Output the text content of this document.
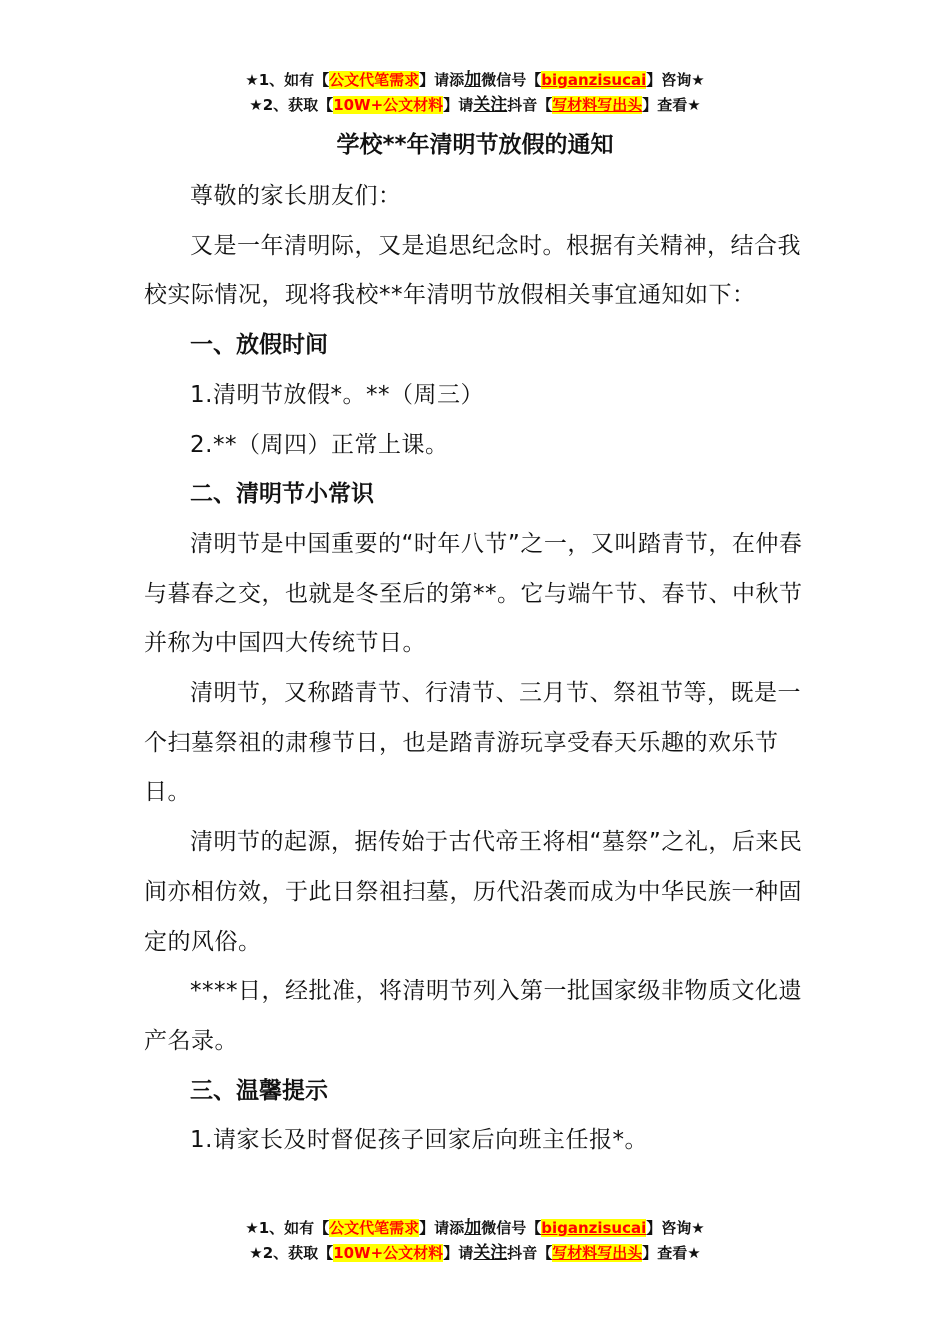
★1、如有【公文代笔需求】请添加微信号【biganzisucai】咨询★
★2、获取【10W+公文材料】请关注抖音【写材料写出头】查看★
学校**年清明节放假的通知

尊敬的家长朋友们：

又是一年清明际，又是追思纪念时。根据有关精神，结合我校实际情况，现将我校**年清明节放假相关事宜通知如下：

一、放假时间

1.清明节放假*。**（周三）

2.**（周四）正常上课。

二、清明节小常识

清明节是中国重要的“时年八节”之一，又叫踏青节，在仲春与暮春之交，也就是冬至后的第**。它与端午节、春节、中秋节并称为中国四大传统节日。

清明节，又称踏青节、行清节、三月节、祭祖节等，既是一个扫墓祭祖的肃穆节日，也是踏青游玩享受春天乐趣的欢乐节日。

清明节的起源，据传始于古代帝王将相“墓祭”之礼，后来民间亦相仿效，于此日祭祖扫墓，历代沿袭而成为中华民族一种固定的风俗。

****日，经批准，将清明节列入第一批国家级非物质文化遗产名录。

三、温馨提示

1.请家长及时督促孩子回家后向班主任报*。

★1、如有【公文代笔需求】请添加微信号【biganzisucai】咨询★
★2、获取【10W+公文材料】请关注抖音【写材料写出头】查看★
